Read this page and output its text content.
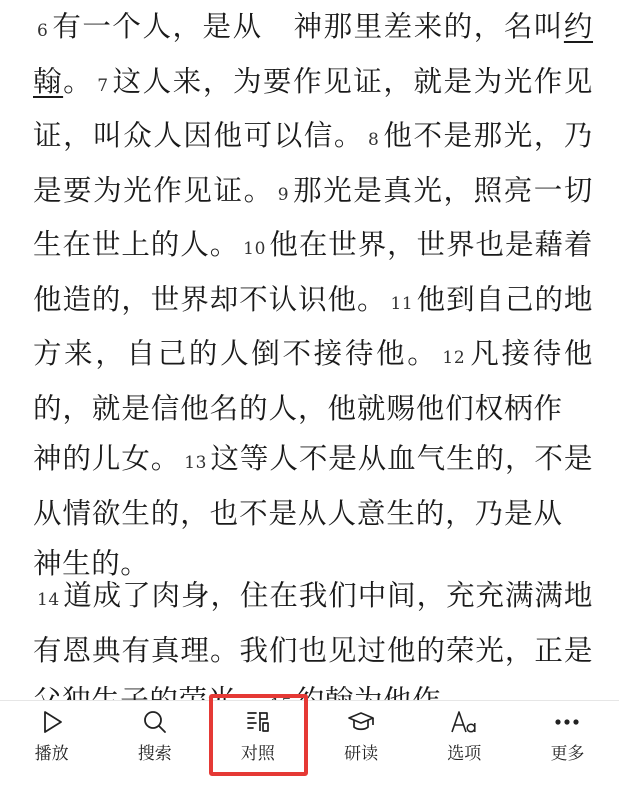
6 有一个人，是从 神那里差来的，名叫约翰。 7 这人来，为要作见证，就是为光作见证，叫众人因他可以信。 8 他不是那光，乃是要为光作见证。 9 那光是真光，照亮一切生在世上的人。 10 他在世界，世界也是藉着他造的，世界却不认识他。 11 他到自己的地方来，自己的人倒不接待他。 12 凡接待他的，就是信他名的人，他就赐他们权柄作神的儿女。 13 这等人不是从血气生的，不是从情欲生的，也不是从人意生的，乃是从神生的。

14 道成了肉身，住在我们中间，充充满满地有恩典有真理。我们也见过他的荣光，正是

播放	搜索	对照	研读	选项	更多
